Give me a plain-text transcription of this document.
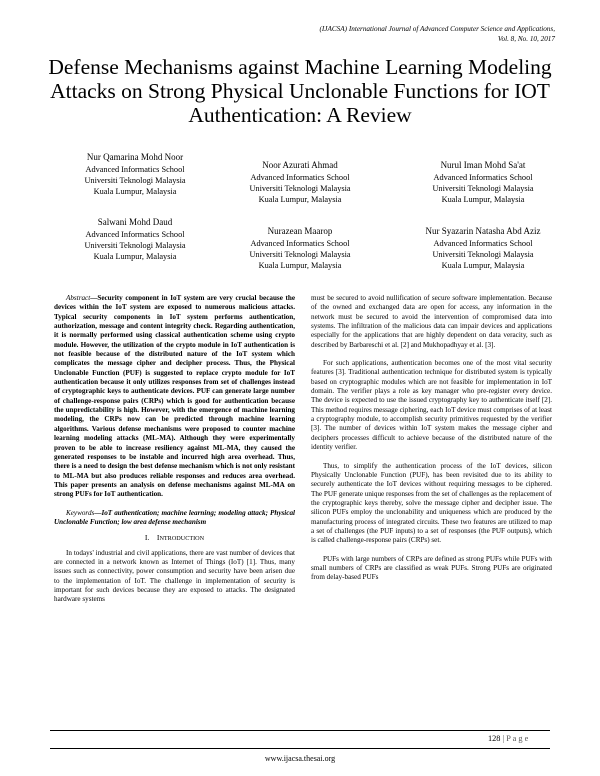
(IJACSA) International Journal of Advanced Computer Science and Applications,
Vol. 8, No. 10, 2017
Defense Mechanisms against Machine Learning Modeling Attacks on Strong Physical Unclonable Functions for IOT Authentication: A Review
Nur Qamarina Mohd Noor
Advanced Informatics School
Universiti Teknologi Malaysia
Kuala Lumpur, Malaysia
Noor Azurati Ahmad
Advanced Informatics School
Universiti Teknologi Malaysia
Kuala Lumpur, Malaysia
Nurul Iman Mohd Sa'at
Advanced Informatics School
Universiti Teknologi Malaysia
Kuala Lumpur, Malaysia
Salwani Mohd Daud
Advanced Informatics School
Universiti Teknologi Malaysia
Kuala Lumpur, Malaysia
Nurazean Maarop
Advanced Informatics School
Universiti Teknologi Malaysia
Kuala Lumpur, Malaysia
Nur Syazarin Natasha Abd Aziz
Advanced Informatics School
Universiti Teknologi Malaysia
Kuala Lumpur, Malaysia

Abstract—Security component in IoT system are very crucial because the devices within the IoT system are exposed to numerous malicious attacks. Typical security components in IoT system performs authentication, authorization, message and content integrity check. Regarding authentication, it is normally performed using classical authentication scheme using crypto module. However, the utilization of the crypto module in IoT authentication is not feasible because of the distributed nature of the IoT system which complicates the message cipher and decipher process. Thus, the Physical Unclonable Function (PUF) is suggested to replace crypto module for IoT authentication because it only utilizes responses from set of challenges instead of cryptographic keys to authenticate devices. PUF can generate large number of challenge-response pairs (CRPs) which is good for authentication because the unpredictability is high. However, with the emergence of machine learning modeling, the CRPs now can be predicted through machine learning algorithms. Various defense mechanisms were proposed to counter machine learning modeling attacks (ML-MA). Although they were experimentally proven to be able to increase resiliency against ML-MA, they caused the generated responses to be instable and incurred high area overhead. Thus, there is a need to design the best defense mechanism which is not only resistant to ML-MA but also produces reliable responses and reduces area overhead. This paper presents an analysis on defense mechanisms against ML-MA on strong PUFs for IoT authentication.

Keywords—IoT authentication; machine learning; modeling attack; Physical Unclonable Function; low area defense mechanism

I. INTRODUCTION

In todays' industrial and civil applications, there are vast number of devices that are connected in a network known as Internet of Things (IoT) [1]. Thus, many issues such as connectivity, power consumption and security have been arisen due to the implementation of IoT. The challenge in implementation of security is important for such devices because they are exposed to attacks. The designated hardware systems

must be secured to avoid nullification of secure software implementation. Because of the owned and exchanged data are open for access, any information in the network must be secured to avoid the intervention of compromised data into systems. The infiltration of the malicious data can impair devices and applications especially for the applications that are highly dependent on data veracity, such as described by Barbareschi et al. [2] and Mukhopadhyay et al. [3].

For such applications, authentication becomes one of the most vital security features [3]. Traditional authentication technique for distributed system is typically based on cryptographic modules which are not feasible for implementation in IoT domain. The verifier plays a role as key manager who pre-register every device. The device is expected to use the issued cryptography key to authenticate itself [2]. This method requires message ciphering, each IoT device must comprises of at least a cryptography module, to accomplish security primitives requested by the verifier [3]. The number of devices within IoT system makes the message cipher and deciphers processes difficult to achieve because of the distributed nature of the identity verifier.

Thus, to simplify the authentication process of the IoT devices, silicon Physically Unclonable Function (PUF), has been revisited due to its ability to securely authenticate the IoT devices without requiring messages to be ciphered. The PUF generate unique responses from the set of challenges as the replacement of the cryptographic keys thereby, solve the message cipher and decipher issue. The silicon PUFs employ the unclonability and uniqueness which are produced by the manufacturing process of integrated circuits. These two features are utilized to map a set of challenges (the PUF inputs) to a set of responses (the PUF outputs), which is called challenge-response pairs (CRPs) set.

PUFs with large numbers of CRPs are defined as strong PUFs while PUFs with small numbers of CRPs are classified as weak PUFs. Strong PUFs are originated from delay-based PUFs

128 | P a g e
www.ijacsa.thesai.org
